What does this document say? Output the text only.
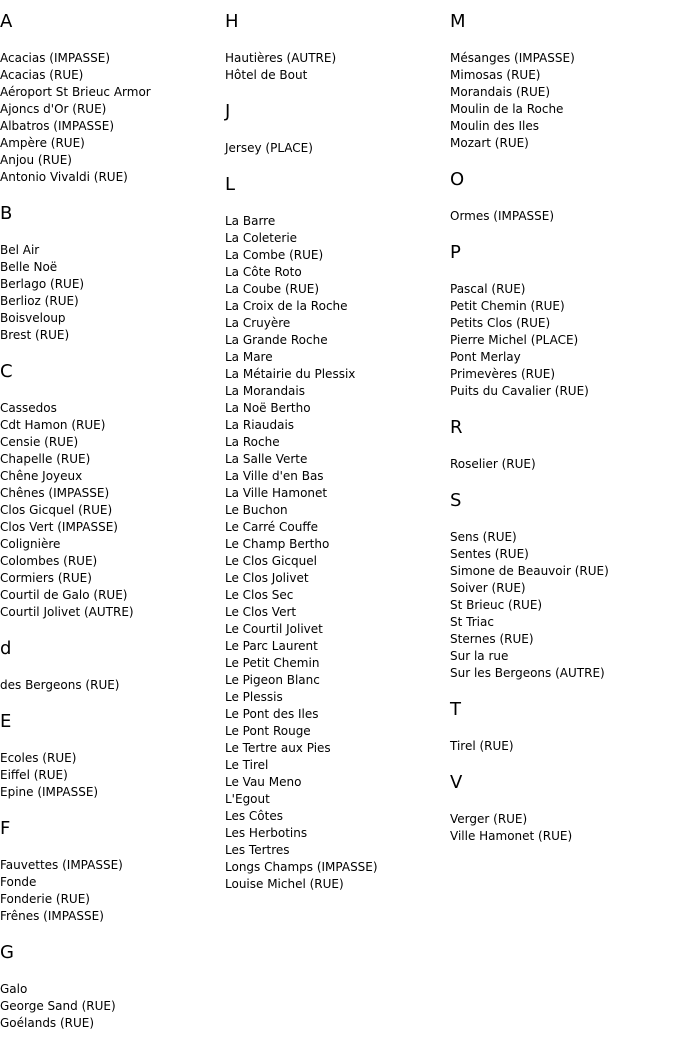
A
Acacias (IMPASSE)
Acacias (RUE)
Aéroport St Brieuc Armor
Ajoncs d'Or (RUE)
Albatros (IMPASSE)
Ampère (RUE)
Anjou (RUE)
Antonio Vivaldi (RUE)
B
Bel Air
Belle Noë
Berlago (RUE)
Berlioz (RUE)
Boisveloup
Brest (RUE)
C
Cassedos
Cdt Hamon (RUE)
Censie (RUE)
Chapelle (RUE)
Chêne Joyeux
Chênes (IMPASSE)
Clos Gicquel (RUE)
Clos Vert (IMPASSE)
Colignière
Colombes (RUE)
Cormiers (RUE)
Courtil de Galo (RUE)
Courtil Jolivet (AUTRE)
d
des Bergeons (RUE)
E
Ecoles (RUE)
Eiffel (RUE)
Epine (IMPASSE)
F
Fauvettes (IMPASSE)
Fonde
Fonderie (RUE)
Frênes (IMPASSE)
G
Galo
George Sand (RUE)
Goélands (RUE)
H
Hautières (AUTRE)
Hôtel de Bout
J
Jersey (PLACE)
L
La Barre
La Coleterie
La Combe (RUE)
La Côte Roto
La Coube (RUE)
La Croix de la Roche
La Cruyère
La Grande Roche
La Mare
La Métairie du Plessix
La Morandais
La Noë Bertho
La Riaudais
La Roche
La Salle Verte
La Ville d'en Bas
La Ville Hamonet
Le Buchon
Le Carré Couffe
Le Champ Bertho
Le Clos Gicquel
Le Clos Jolivet
Le Clos Sec
Le Clos Vert
Le Courtil Jolivet
Le Parc Laurent
Le Petit Chemin
Le Pigeon Blanc
Le Plessis
Le Pont des Iles
Le Pont Rouge
Le Tertre aux Pies
Le Tirel
Le Vau Meno
L'Egout
Les Côtes
Les Herbotins
Les Tertres
Longs Champs (IMPASSE)
Louise Michel (RUE)
M
Mésanges (IMPASSE)
Mimosas (RUE)
Morandais (RUE)
Moulin de la Roche
Moulin des Iles
Mozart (RUE)
O
Ormes (IMPASSE)
P
Pascal (RUE)
Petit Chemin (RUE)
Petits Clos (RUE)
Pierre Michel (PLACE)
Pont Merlay
Primevères (RUE)
Puits du Cavalier (RUE)
R
Roselier (RUE)
S
Sens (RUE)
Sentes (RUE)
Simone de Beauvoir (RUE)
Soiver (RUE)
St Brieuc (RUE)
St Triac
Sternes (RUE)
Sur la rue
Sur les Bergeons (AUTRE)
T
Tirel (RUE)
V
Verger (RUE)
Ville Hamonet (RUE)
